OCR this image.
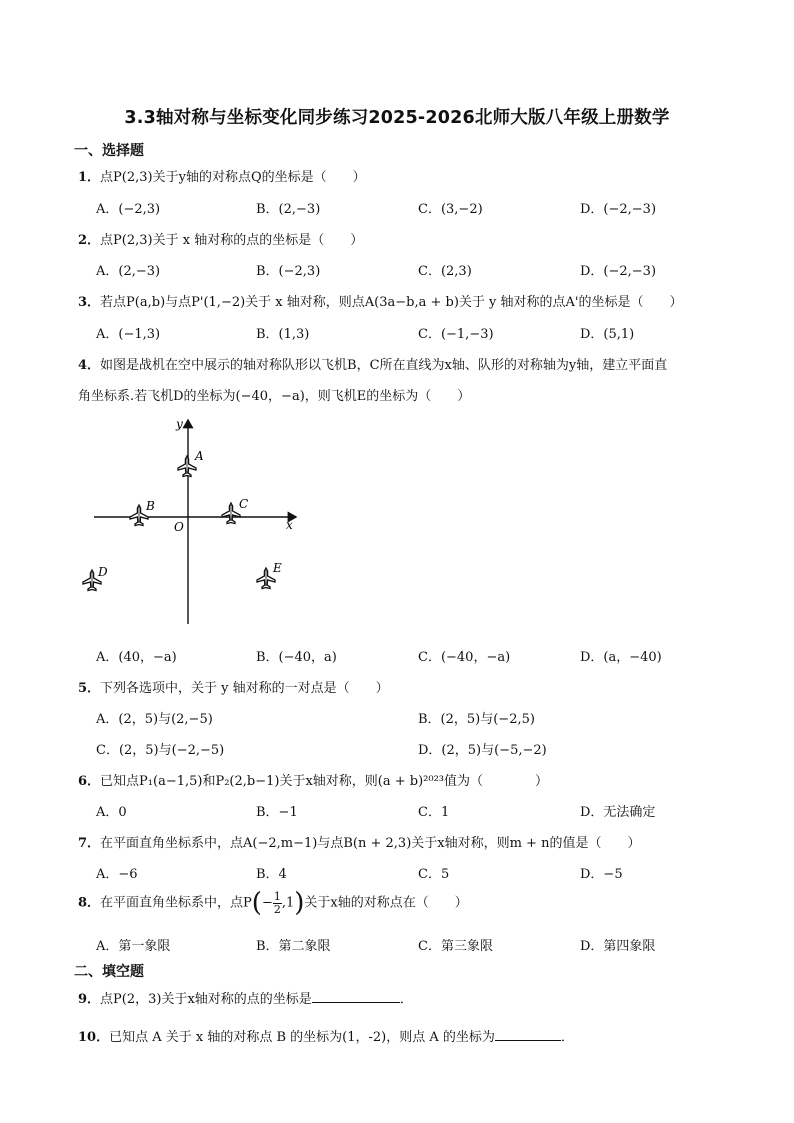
3.3轴对称与坐标变化同步练习2025-2026北师大版八年级上册数学
一、选择题
1．点P(2,3)关于y轴的对称点Q的坐标是（　　）
A．(−2,3)	B．(2,−3)	C．(3,−2)	D．(−2,−3)
2．点P(2,3)关于 x 轴对称的点的坐标是（　　）
A．(2,−3)	B．(−2,3)	C．(2,3)	D．(−2,−3)
3．若点P(a,b)与点P'(1,−2)关于 x 轴对称，则点A(3a−b,a + b)关于 y 轴对称的点A'的坐标是（　　）
A．(−1,3)	B．(1,3)	C．(−1,−3)	D．(5,1)
4．如图是战机在空中展示的轴对称队形以飞机B，C所在直线为x轴、队形的对称轴为y轴，建立平面直
角坐标系.若飞机D的坐标为(−40，−a)，则飞机E的坐标为（　　）
y
x
O
A
B	C
D	E
A．(40，−a)	B．(−40，a)	C．(−40，−a)	D．(a，−40)
5．下列各选项中，关于 y 轴对称的一对点是（　　）
A．(2，5)与(2,−5)	B．(2，5)与(−2,5)
C．(2，5)与(−2,−5)	D．(2，5)与(−5,−2)
6．已知点P₁(a−1,5)和P₂(2,b−1)关于x轴对称，则(a + b)²⁰²³值为（　　　　）
A．0	B．−1	C．1	D．无法确定
7．在平面直角坐标系中，点A(−2,m−1)与点B(n + 2,3)关于x轴对称，则m + n的值是（　　）
A．−6	B．4	C．5	D．−5
8．在平面直角坐标系中，点$P(- \frac{1}{2} ,1)$关于x轴的对称点在（　　）
A．第一象限	B．第二象限	C．第三象限	D．第四象限
二、填空题
9．点P(2，3)关于x轴对称的点的坐标是	．
10．已知点 A 关于 x 轴的对称点 B 的坐标为(1，-2)，则点 A 的坐标为	．
